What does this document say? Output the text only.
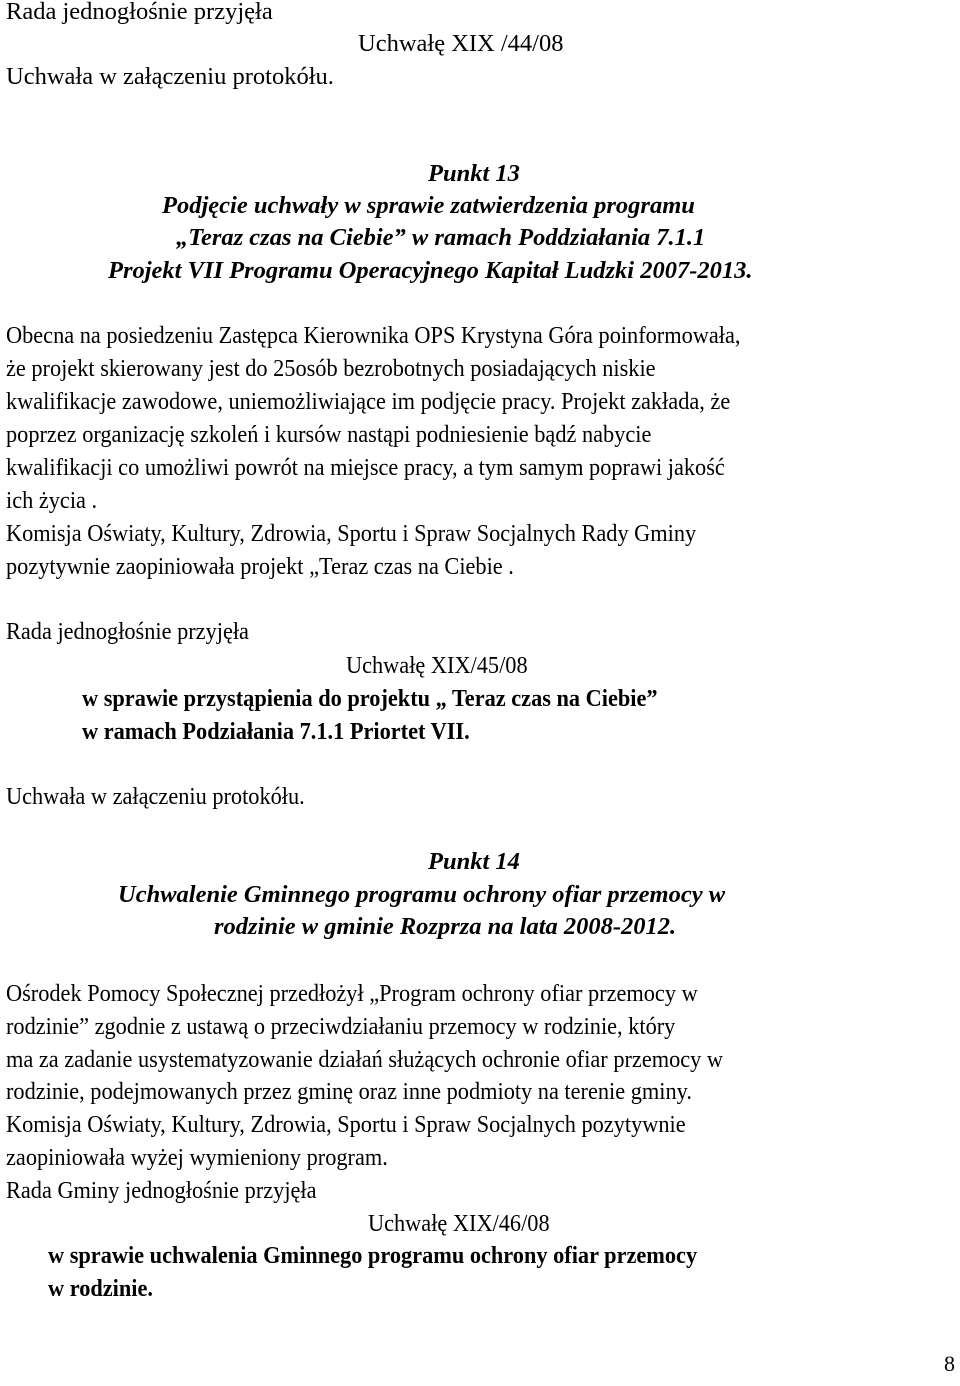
Rada jednogłośnie przyjęła
Uchwałę XIX /44/08
Uchwała w załączeniu protokółu.
Punkt 13
Podjęcie uchwały w sprawie zatwierdzenia programu
„Teraz czas na Ciebie” w ramach Poddziałania 7.1.1
Projekt VII Programu Operacyjnego Kapitał Ludzki 2007-2013.
Obecna na posiedzeniu Zastępca Kierownika OPS Krystyna Góra poinformowała,
że projekt skierowany jest do 25osób bezrobotnych posiadających niskie
kwalifikacje zawodowe, uniemożliwiające im podjęcie pracy. Projekt zakłada, że
poprzez organizację szkoleń i kursów nastąpi podniesienie bądź nabycie
kwalifikacji co umożliwi powrót na miejsce pracy, a tym samym poprawi jakość
ich życia .
Komisja Oświaty, Kultury, Zdrowia, Sportu i Spraw Socjalnych Rady Gminy
pozytywnie zaopiniowała projekt „Teraz czas na Ciebie .
Rada jednogłośnie przyjęła
Uchwałę XIX/45/08
w sprawie przystąpienia do projektu „ Teraz czas na Ciebie”
w ramach Podziałania 7.1.1 Priortet VII.
Uchwała w załączeniu protokółu.
Punkt 14
Uchwalenie Gminnego programu ochrony ofiar przemocy w
rodzinie w gminie Rozprza na lata 2008-2012.
Ośrodek Pomocy Społecznej przedłożył „Program ochrony ofiar przemocy w
rodzinie” zgodnie z ustawą o przeciwdziałaniu przemocy w rodzinie, który
ma za zadanie usystematyzowanie działań służących ochronie ofiar przemocy w
rodzinie, podejmowanych przez gminę oraz inne podmioty na terenie gminy.
Komisja Oświaty, Kultury, Zdrowia, Sportu i Spraw Socjalnych pozytywnie
zaopiniowała wyżej wymieniony program.
Rada Gminy jednogłośnie przyjęła
Uchwałę XIX/46/08
w sprawie uchwalenia Gminnego programu ochrony ofiar przemocy
w rodzinie.
8
